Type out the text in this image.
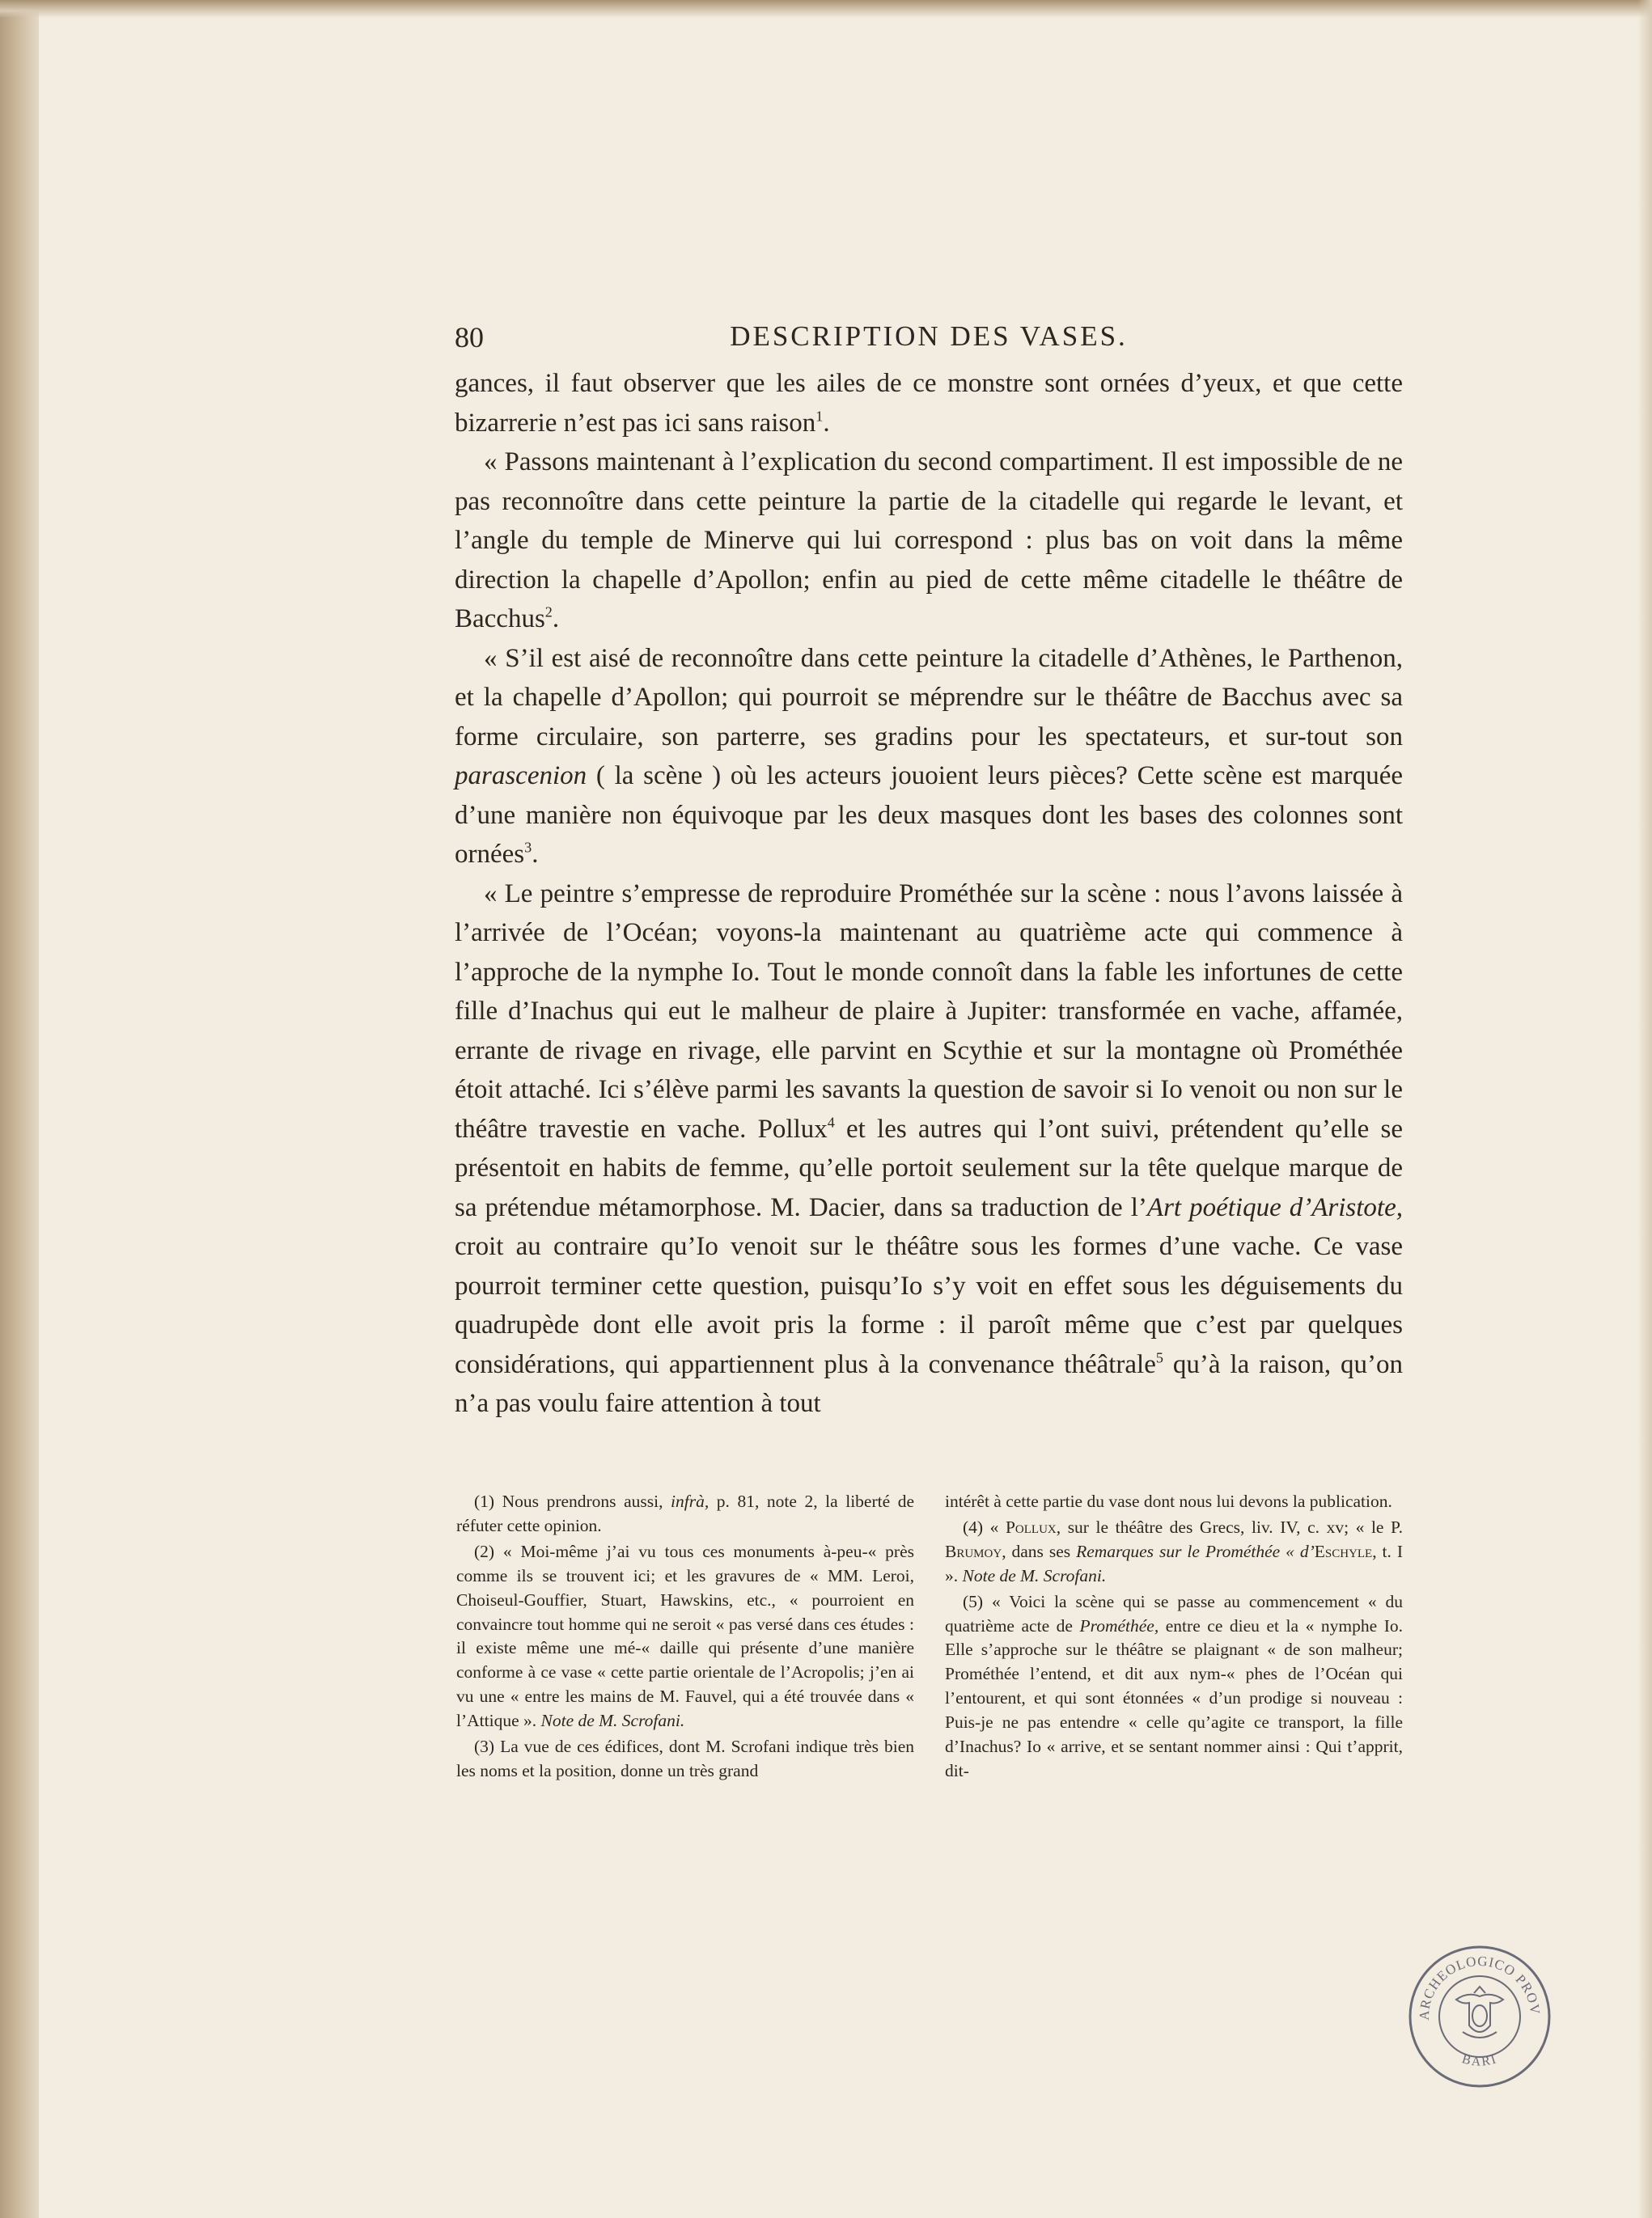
80	DESCRIPTION DES VASES.

gances, il faut observer que les ailes de ce monstre sont ornées d’yeux, et que cette bizarrerie n’est pas ici sans raison$^1$.

« Passons maintenant à l’explication du second compartiment. Il est impossible de ne pas reconnoître dans cette peinture la partie de la citadelle qui regarde le levant, et l’angle du temple de Minerve qui lui correspond : plus bas on voit dans la même direction la chapelle d’Apollon; enfin au pied de cette même citadelle le théâtre de Bacchus$^2$.

« S’il est aisé de reconnoître dans cette peinture la citadelle d’Athènes, le Parthenon, et la chapelle d’Apollon; qui pourroit se méprendre sur le théâtre de Bacchus avec sa forme circulaire, son parterre, ses gradins pour les spectateurs, et sur-tout son parascenion ( la scène ) où les acteurs jouoient leurs pièces? Cette scène est marquée d’une manière non équivoque par les deux masques dont les bases des colonnes sont ornées$^3$.

« Le peintre s’empresse de reproduire Prométhée sur la scène : nous l’avons laissée à l’arrivée de l’Océan; voyons-la maintenant au quatrième acte qui commence à l’approche de la nymphe Io. Tout le monde connoît dans la fable les infortunes de cette fille d’Inachus qui eut le malheur de plaire à Jupiter: transformée en vache, affamée, errante de rivage en rivage, elle parvint en Scythie et sur la montagne où Prométhée étoit attaché. Ici s’élève parmi les savants la question de savoir si Io venoit ou non sur le théâtre travestie en vache. Pollux$^4$ et les autres qui l’ont suivi, prétendent qu’elle se présentoit en habits de femme, qu’elle portoit seulement sur la tête quelque marque de sa prétendue métamorphose. M. Dacier, dans sa traduction de l’Art poétique d’Aristote, croit au contraire qu’Io venoit sur le théâtre sous les formes d’une vache. Ce vase pourroit terminer cette question, puisqu’Io s’y voit en effet sous les déguisements du quadrupède dont elle avoit pris la forme : il paroît même que c’est par quelques considérations, qui appartiennent plus à la convenance théâtrale$^5$ qu’à la raison, qu’on n’a pas voulu faire attention à tout

(1) Nous prendrons aussi, infrà, p. 81, note 2, la liberté de réfuter cette opinion.

(2) « Moi-même j’ai vu tous ces monuments à-peu-« près comme ils se trouvent ici; et les gravures de « MM. Leroi, Choiseul-Gouffier, Stuart, Hawskins, etc., « pourroient en convaincre tout homme qui ne seroit « pas versé dans ces études : il existe même une mé-« daille qui présente d’une manière conforme à ce vase « cette partie orientale de l’Acropolis; j’en ai vu une « entre les mains de M. Fauvel, qui a été trouvée dans « l’Attique ». Note de M. Scrofani.

(3) La vue de ces édifices, dont M. Scrofani indique très bien les noms et la position, donne un très grand

intérêt à cette partie du vase dont nous lui devons la publication.

(4) « Pollux, sur le théâtre des Grecs, liv. IV, c. xv; « le P. Brumoy, dans ses Remarques sur le Prométhée « d’Eschyle, t. I ». Note de M. Scrofani.

(5) « Voici la scène qui se passe au commencement « du quatrième acte de Prométhée, entre ce dieu et la « nymphe Io. Elle s’approche sur le théâtre se plaignant « de son malheur; Prométhée l’entend, et dit aux nym-« phes de l’Océan qui l’entourent, et qui sont étonnées « d’un prodige si nouveau : Puis-je ne pas entendre « celle qu’agite ce transport, la fille d’Inachus? Io « arrive, et se sentant nommer ainsi : Qui t’apprit, dit-

ARCHEOLOGICO PROV
BARI
